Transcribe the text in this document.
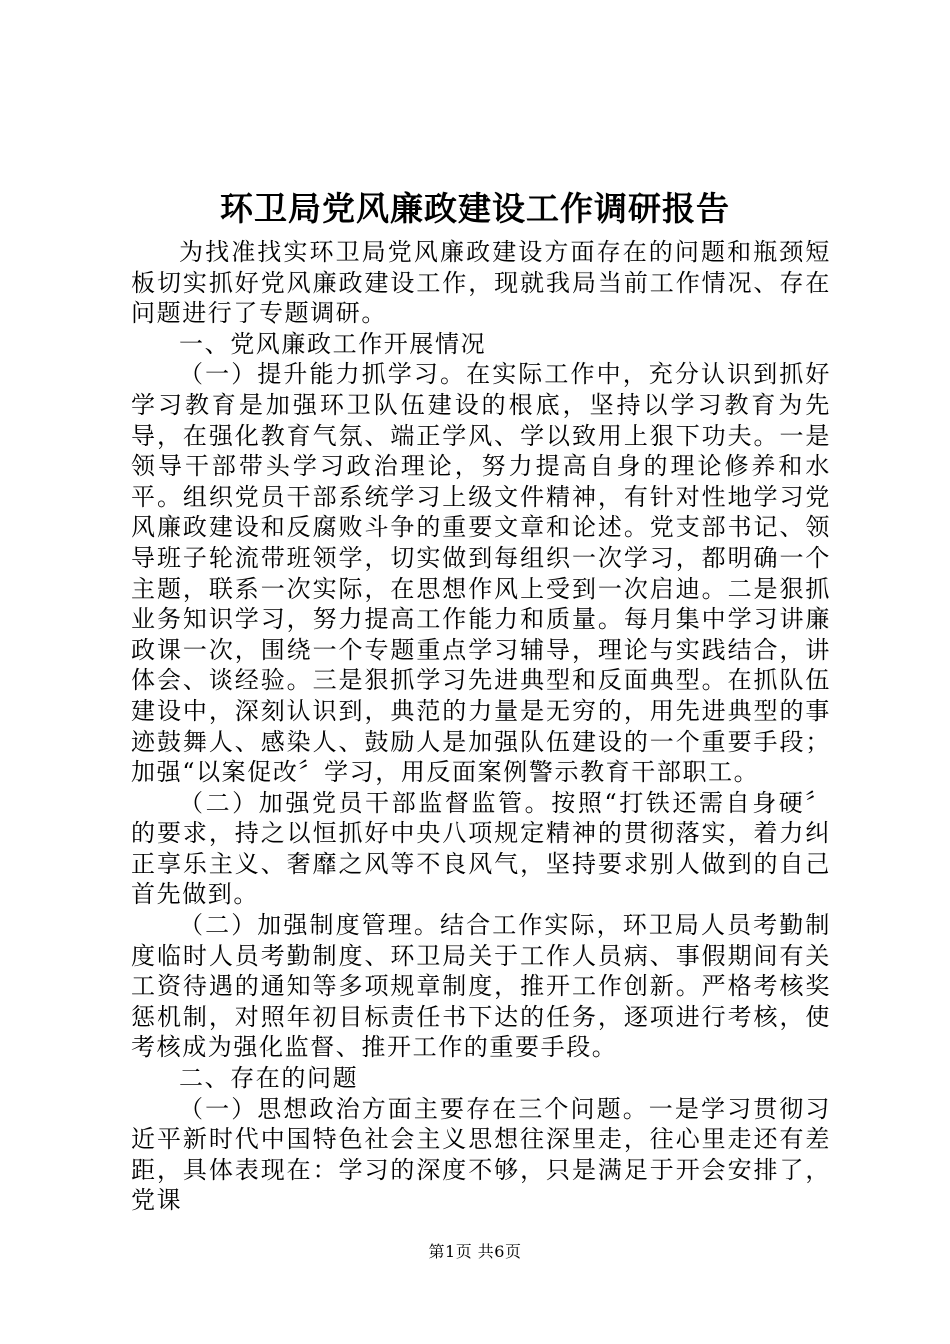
环卫局党风廉政建设工作调研报告

为找准找实环卫局党风廉政建设方面存在的问题和瓶颈短板切实抓好党风廉政建设工作，现就我局当前工作情况、存在问题进行了专题调研。

一、党风廉政工作开展情况

（一）提升能力抓学习。在实际工作中，充分认识到抓好学习教育是加强环卫队伍建设的根底，坚持以学习教育为先导，在强化教育气氛、端正学风、学以致用上狠下功夫。一是领导干部带头学习政治理论，努力提高自身的理论修养和水平。组织党员干部系统学习上级文件精神，有针对性地学习党风廉政建设和反腐败斗争的重要文章和论述。党支部书记、领导班子轮流带班领学，切实做到每组织一次学习，都明确一个主题，联系一次实际，在思想作风上受到一次启迪。二是狠抓业务知识学习，努力提高工作能力和质量。每月集中学习讲廉政课一次，围绕一个专题重点学习辅导，理论与实践结合，讲体会、谈经验。三是狠抓学习先进典型和反面典型。在抓队伍建设中，深刻认识到，典范的力量是无穷的，用先进典型的事迹鼓舞人、感染人、鼓励人是加强队伍建设的一个重要手段；加强“以案促改〞学习，用反面案例警示教育干部职工。

（二）加强党员干部监督监管。按照“打铁还需自身硬〞的要求，持之以恒抓好中央八项规定精神的贯彻落实，着力纠正享乐主义、奢靡之风等不良风气，坚持要求别人做到的自己首先做到。

（二）加强制度管理。结合工作实际，环卫局人员考勤制度临时人员考勤制度、环卫局关于工作人员病、事假期间有关工资待遇的通知等多项规章制度，推开工作创新。严格考核奖惩机制，对照年初目标责任书下达的任务，逐项进行考核，使考核成为强化监督、推开工作的重要手段。

二、存在的问题

（一）思想政治方面主要存在三个问题。一是学习贯彻习近平新时代中国特色社会主义思想往深里走，往心里走还有差距，具体表现在：学习的深度不够，只是满足于开会安排了，党课

第1页 共6页
